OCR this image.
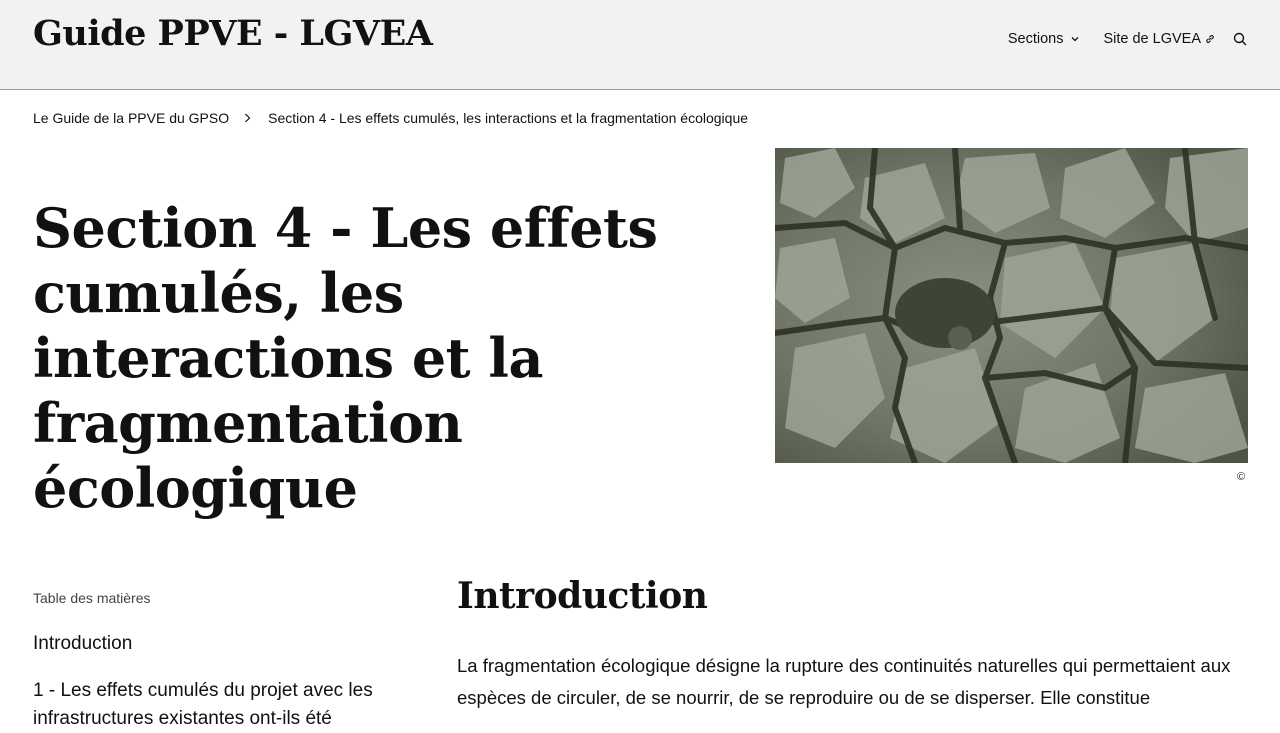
Guide PPVE - LGVEA	Sections	Site de LGVEA
Le Guide de la PPVE du GPSO	Section 4 - Les effets cumulés, les interactions et la fragmentation écologique
Section 4 - Les effets cumulés, les interactions et la fragmentation écologique	©
Table des matières
Introduction
1 - Les effets cumulés du projet avec les infrastructures existantes ont-ils été
Introduction

La fragmentation écologique désigne la rupture des continuités naturelles qui permettaient aux espèces de circuler, de se nourrir, de se reproduire ou de se disperser. Elle constitue
